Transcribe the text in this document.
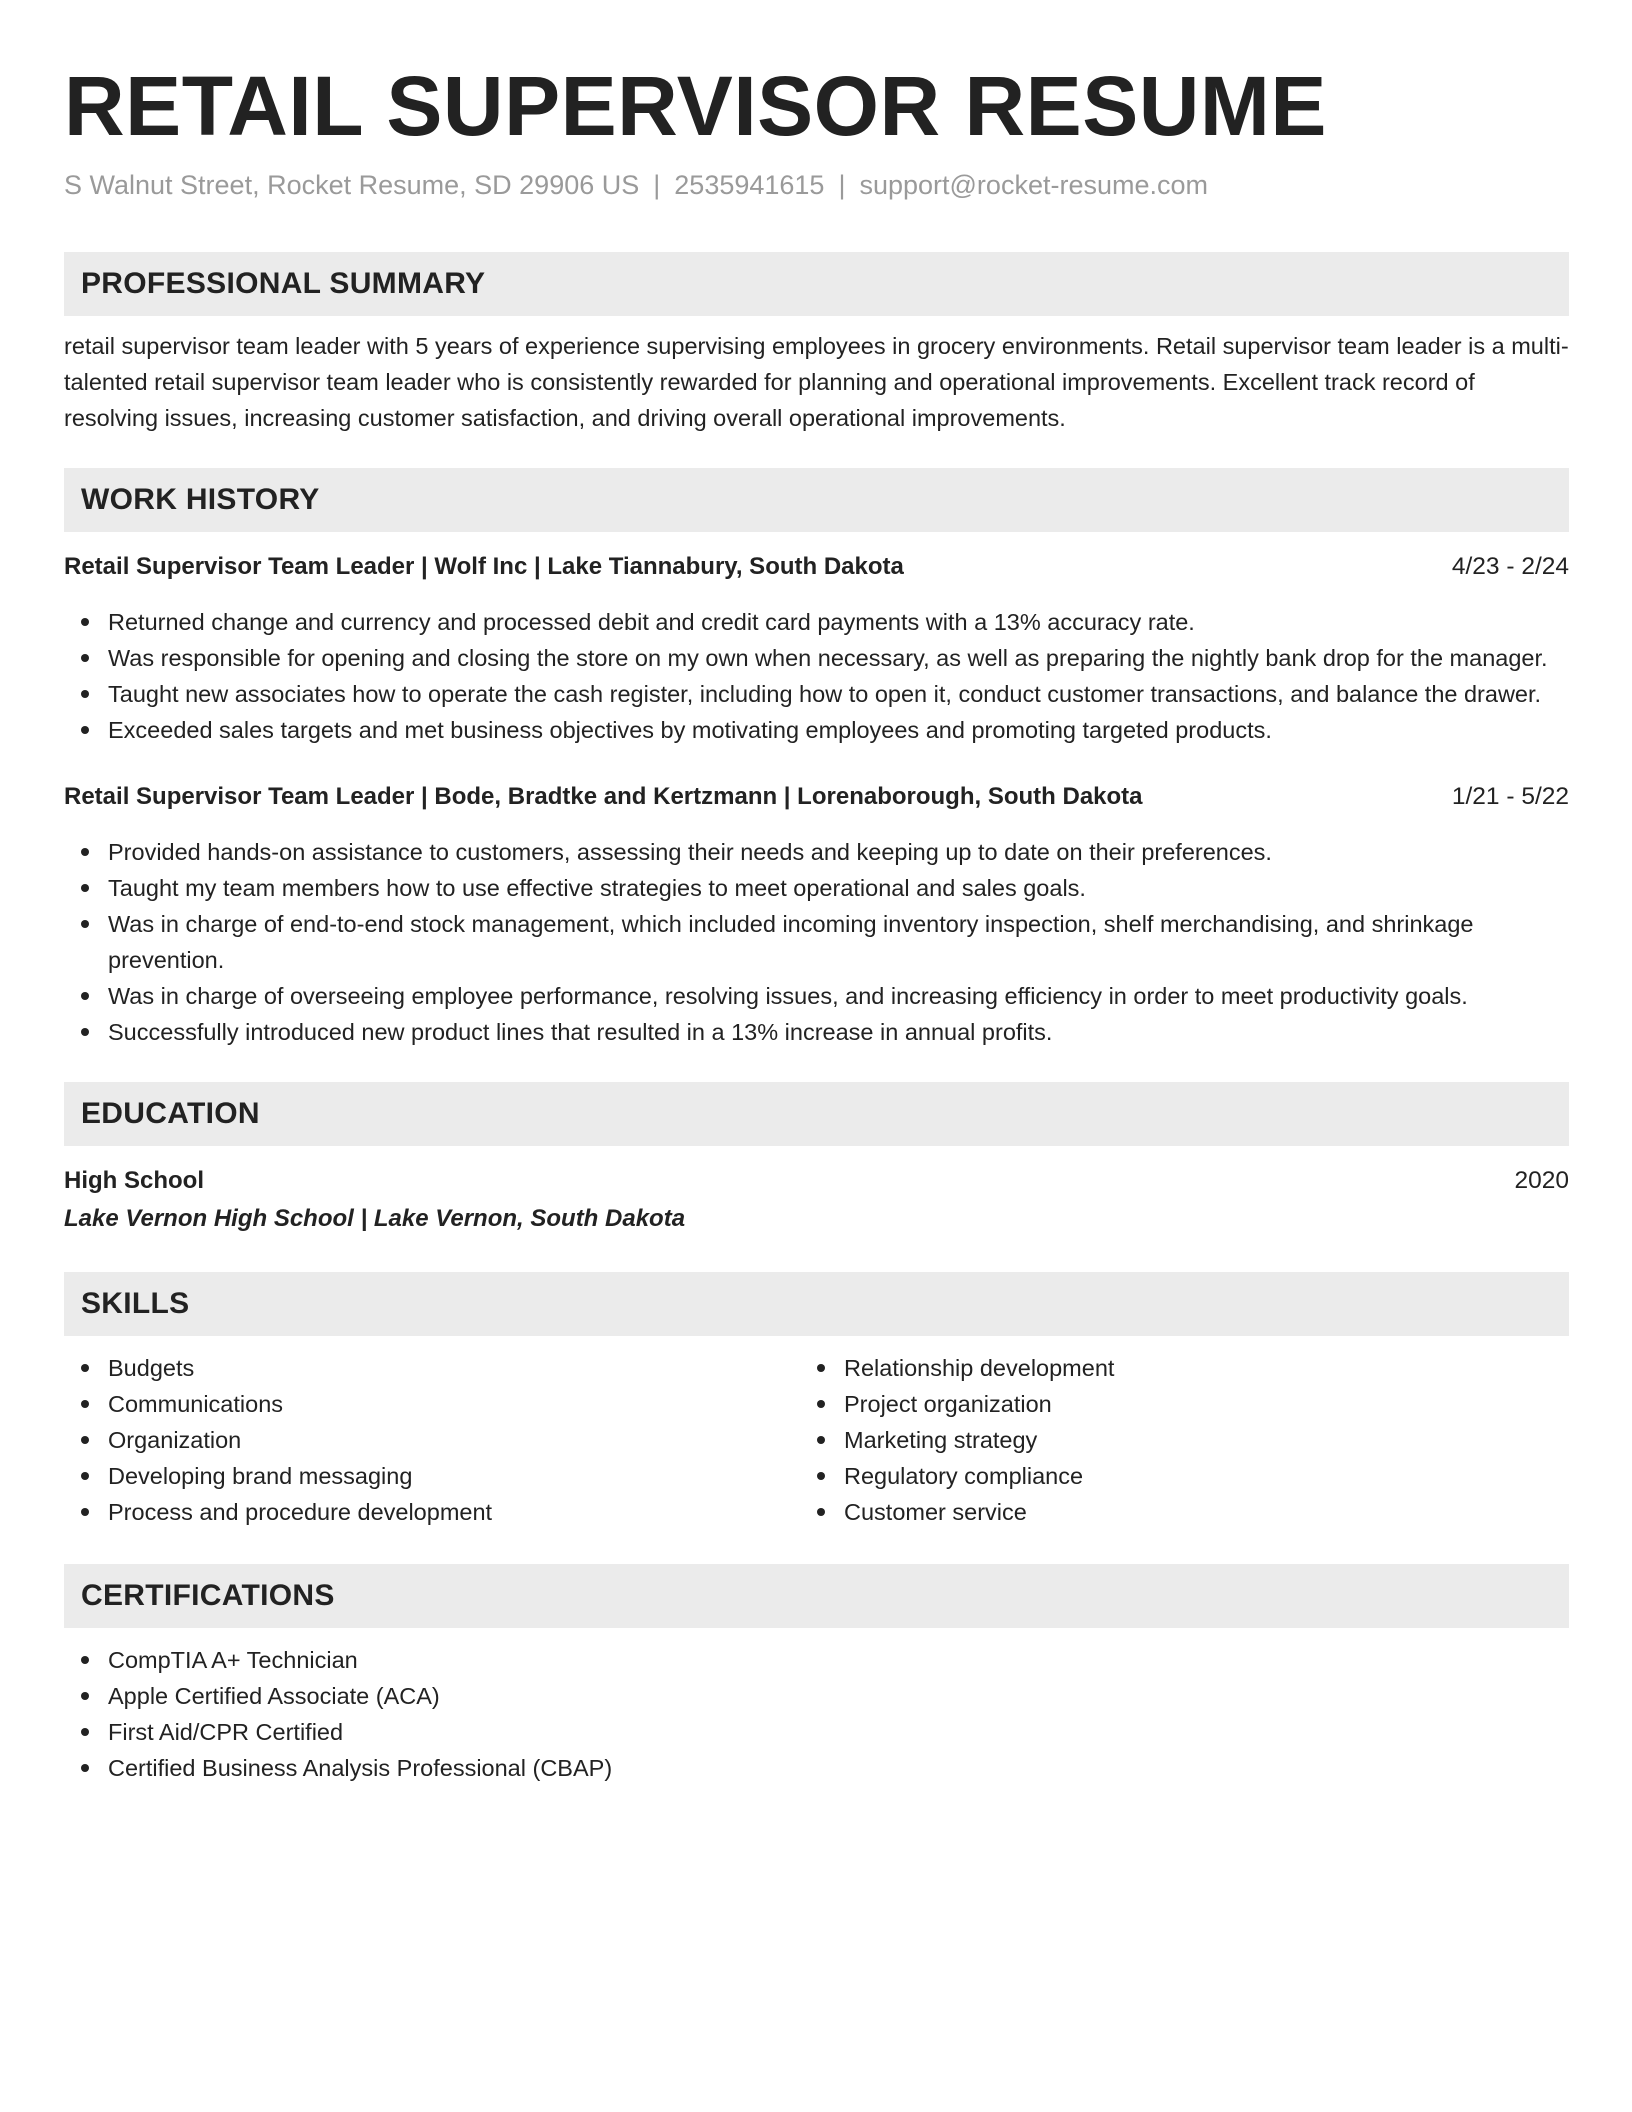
RETAIL SUPERVISOR RESUME
S Walnut Street, Rocket Resume, SD 29906 US | 2535941615 | support@rocket-resume.com
PROFESSIONAL SUMMARY
retail supervisor team leader with 5 years of experience supervising employees in grocery environments. Retail supervisor team leader is a multi-talented retail supervisor team leader who is consistently rewarded for planning and operational improvements. Excellent track record of resolving issues, increasing customer satisfaction, and driving overall operational improvements.
WORK HISTORY
Retail Supervisor Team Leader | Wolf Inc | Lake Tiannabury, South Dakota	4/23 - 2/24
Returned change and currency and processed debit and credit card payments with a 13% accuracy rate.
Was responsible for opening and closing the store on my own when necessary, as well as preparing the nightly bank drop for the manager.
Taught new associates how to operate the cash register, including how to open it, conduct customer transactions, and balance the drawer.
Exceeded sales targets and met business objectives by motivating employees and promoting targeted products.
Retail Supervisor Team Leader | Bode, Bradtke and Kertzmann | Lorenaborough, South Dakota	1/21 - 5/22
Provided hands-on assistance to customers, assessing their needs and keeping up to date on their preferences.
Taught my team members how to use effective strategies to meet operational and sales goals.
Was in charge of end-to-end stock management, which included incoming inventory inspection, shelf merchandising, and shrinkage prevention.
Was in charge of overseeing employee performance, resolving issues, and increasing efficiency in order to meet productivity goals.
Successfully introduced new product lines that resulted in a 13% increase in annual profits.
EDUCATION
High School	2020
Lake Vernon High School | Lake Vernon, South Dakota
SKILLS
Budgets
Communications
Organization
Developing brand messaging
Process and procedure development
Relationship development
Project organization
Marketing strategy
Regulatory compliance
Customer service
CERTIFICATIONS
CompTIA A+ Technician
Apple Certified Associate (ACA)
First Aid/CPR Certified
Certified Business Analysis Professional (CBAP)
